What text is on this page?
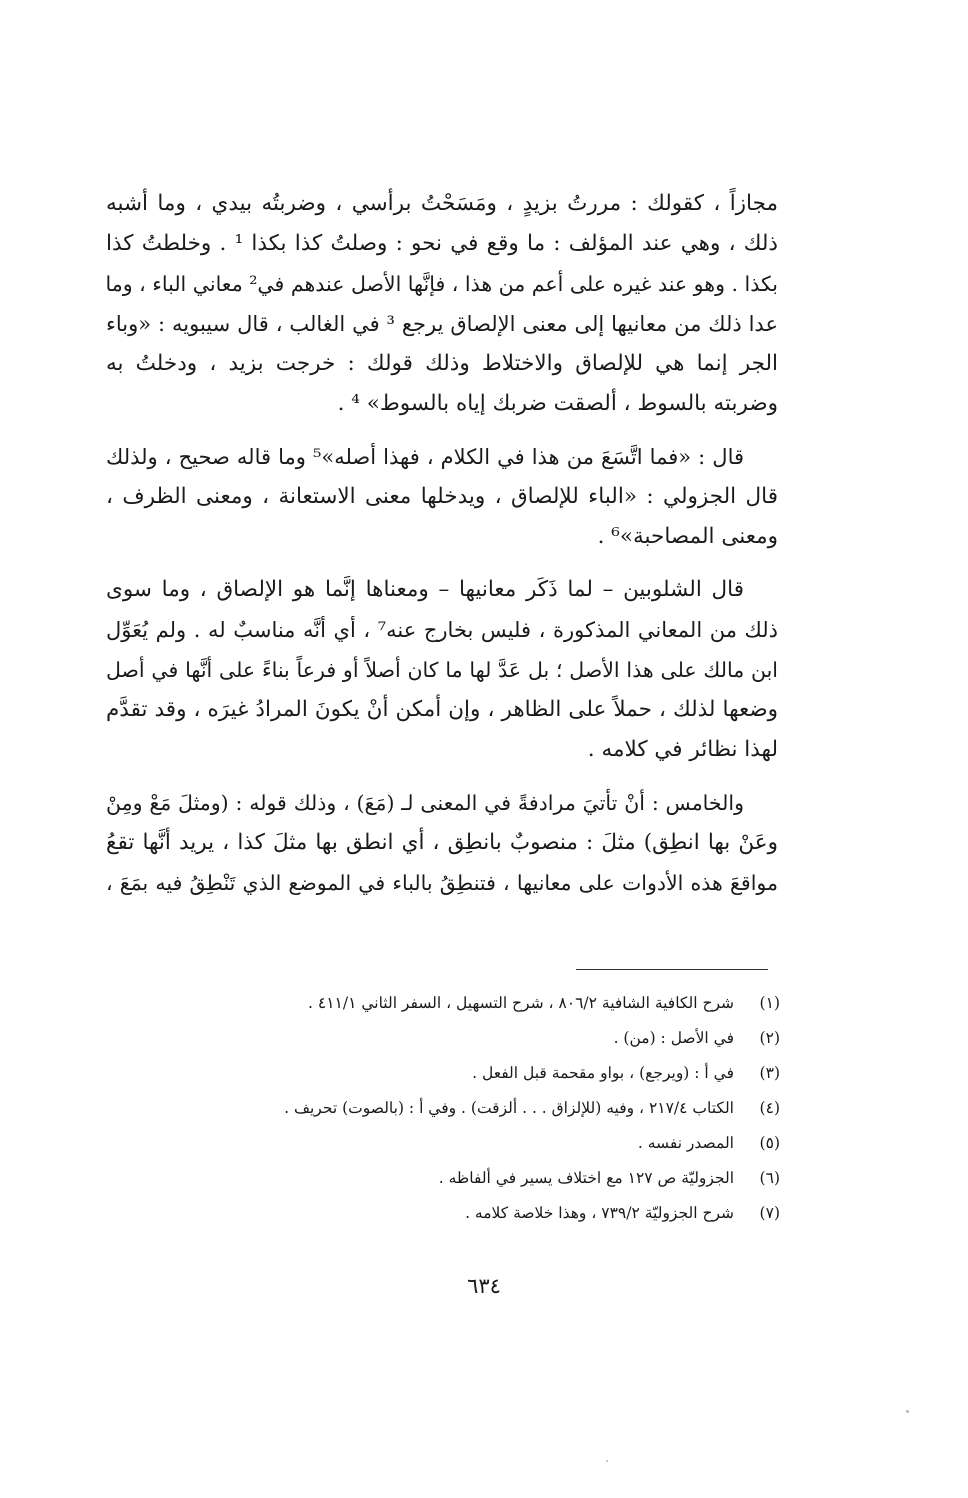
مجازاً ، كقولك : مررتُ بزيدٍ ، ومَسَحْتُ برأسي ، وضربتُه بيدي ، وما أشبه
ذلك ، وهي عند المؤلف : ما وقع في نحو : وصلتُ كذا بكذا ¹ . وخلطتُ كذا
بكذا . وهو عند غيره على أعم من هذا ، فإنَّها الأصل عندهم في² معاني الباء ، وما
عدا ذلك من معانيها إلى معنى الإلصاق يرجع ³ في الغالب ، قال سيبويه : «وباء
الجر إنما هي للإلصاق والاختلاط وذلك قولك : خرجت بزيد ، ودخلتُ به
وضربته بالسوط ، ألصقت ضربك إياه بالسوط» ⁴ .

قال : «فما اتَّسَعَ من هذا في الكلام ، فهذا أصله»⁵ وما قاله صحيح ، ولذلك
قال الجزولي : «الباء للإلصاق ، ويدخلها معنى الاستعانة ، ومعنى الظرف ،
ومعنى المصاحبة»⁶ .

قال الشلوبين – لما ذَكَر معانيها – ومعناها إنَّما هو الإلصاق ، وما سوى
ذلك من المعاني المذكورة ، فليس بخارج عنه⁷ ، أي أنَّه مناسبٌ له . ولم يُعَوِّل
ابن مالك على هذا الأصل ؛ بل عَدَّ لها ما كان أصلاً أو فرعاً بناءً على أنَّها في أصل
وضعها لذلك ، حملاً على الظاهر ، وإن أمكن أنْ يكونَ المرادُ غيرَه ، وقد تقدَّم
لهذا نظائر في كلامه .

والخامس : أنْ تأتيَ مرادفةً في المعنى لـ (مَعَ) ، وذلك قوله : (ومثلَ مَعْ ومِنْ
وعَنْ بها انطِق) مثلَ : منصوبٌ بانطِق ، أي انطق بها مثلَ كذا ، يريد أنَّها تقعُ
مواقعَ هذه الأدوات على معانيها ، فتنطِقُ بالباء في الموضع الذي تَنْطِقُ فيه بمَعَ ،

(١)
شرح الكافية الشافية ٨٠٦/٢ ، شرح التسهيل ، السفر الثاني ٤١١/١ .
(٢)
في الأصل : (من) .
(٣)
في أ : (ويرجع) ، بواو مقحمة قبل الفعل .
(٤)
الكتاب ٢١٧/٤ ، وفيه (للإلزاق . . . ألزقت) . وفي أ : (بالصوت) تحريف .
(٥)
المصدر نفسه .
(٦)
الجزوليّة ص ١٢٧ مع اختلاف يسير في ألفاظه .
(٧)
شرح الجزوليّة ٧٣٩/٢ ، وهذا خلاصة كلامه .
٦٣٤
